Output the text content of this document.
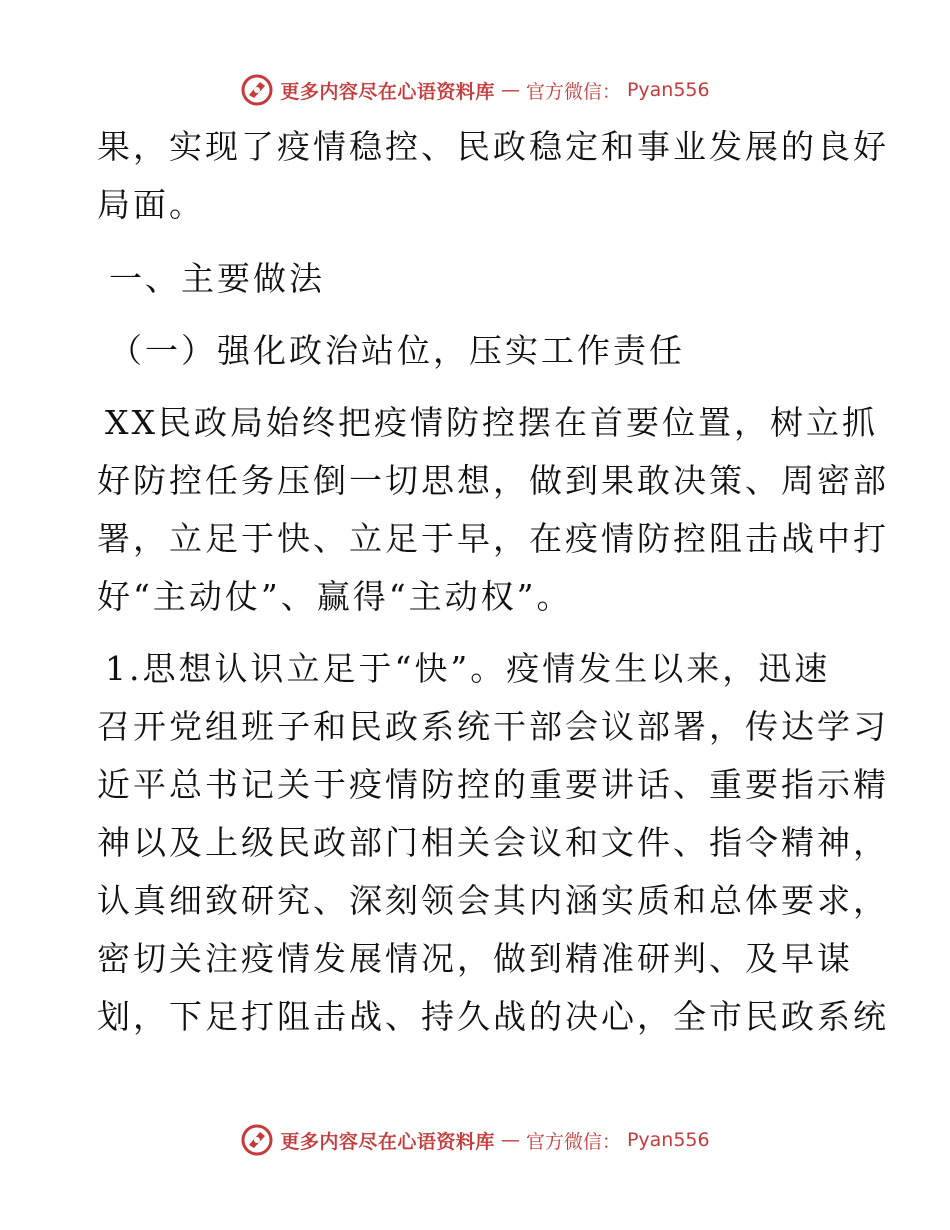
更多内容尽在心语资料库 — 官方微信： Pyan556
果，实现了疫情稳控、民政稳定和事业发展的良好
局面。
一、主要做法
（一）强化政治站位，压实工作责任
XX民政局始终把疫情防控摆在首要位置，树立抓
好防控任务压倒一切思想，做到果敢决策、周密部
署，立足于快、立足于早，在疫情防控阻击战中打
好“主动仗”、赢得“主动权”。
1.思想认识立足于“快”。疫情发生以来，迅速
召开党组班子和民政系统干部会议部署，传达学习
近平总书记关于疫情防控的重要讲话、重要指示精
神以及上级民政部门相关会议和文件、指令精神，
认真细致研究、深刻领会其内涵实质和总体要求，
密切关注疫情发展情况，做到精准研判、及早谋
划，下足打阻击战、持久战的决心，全市民政系统
更多内容尽在心语资料库 — 官方微信： Pyan556
